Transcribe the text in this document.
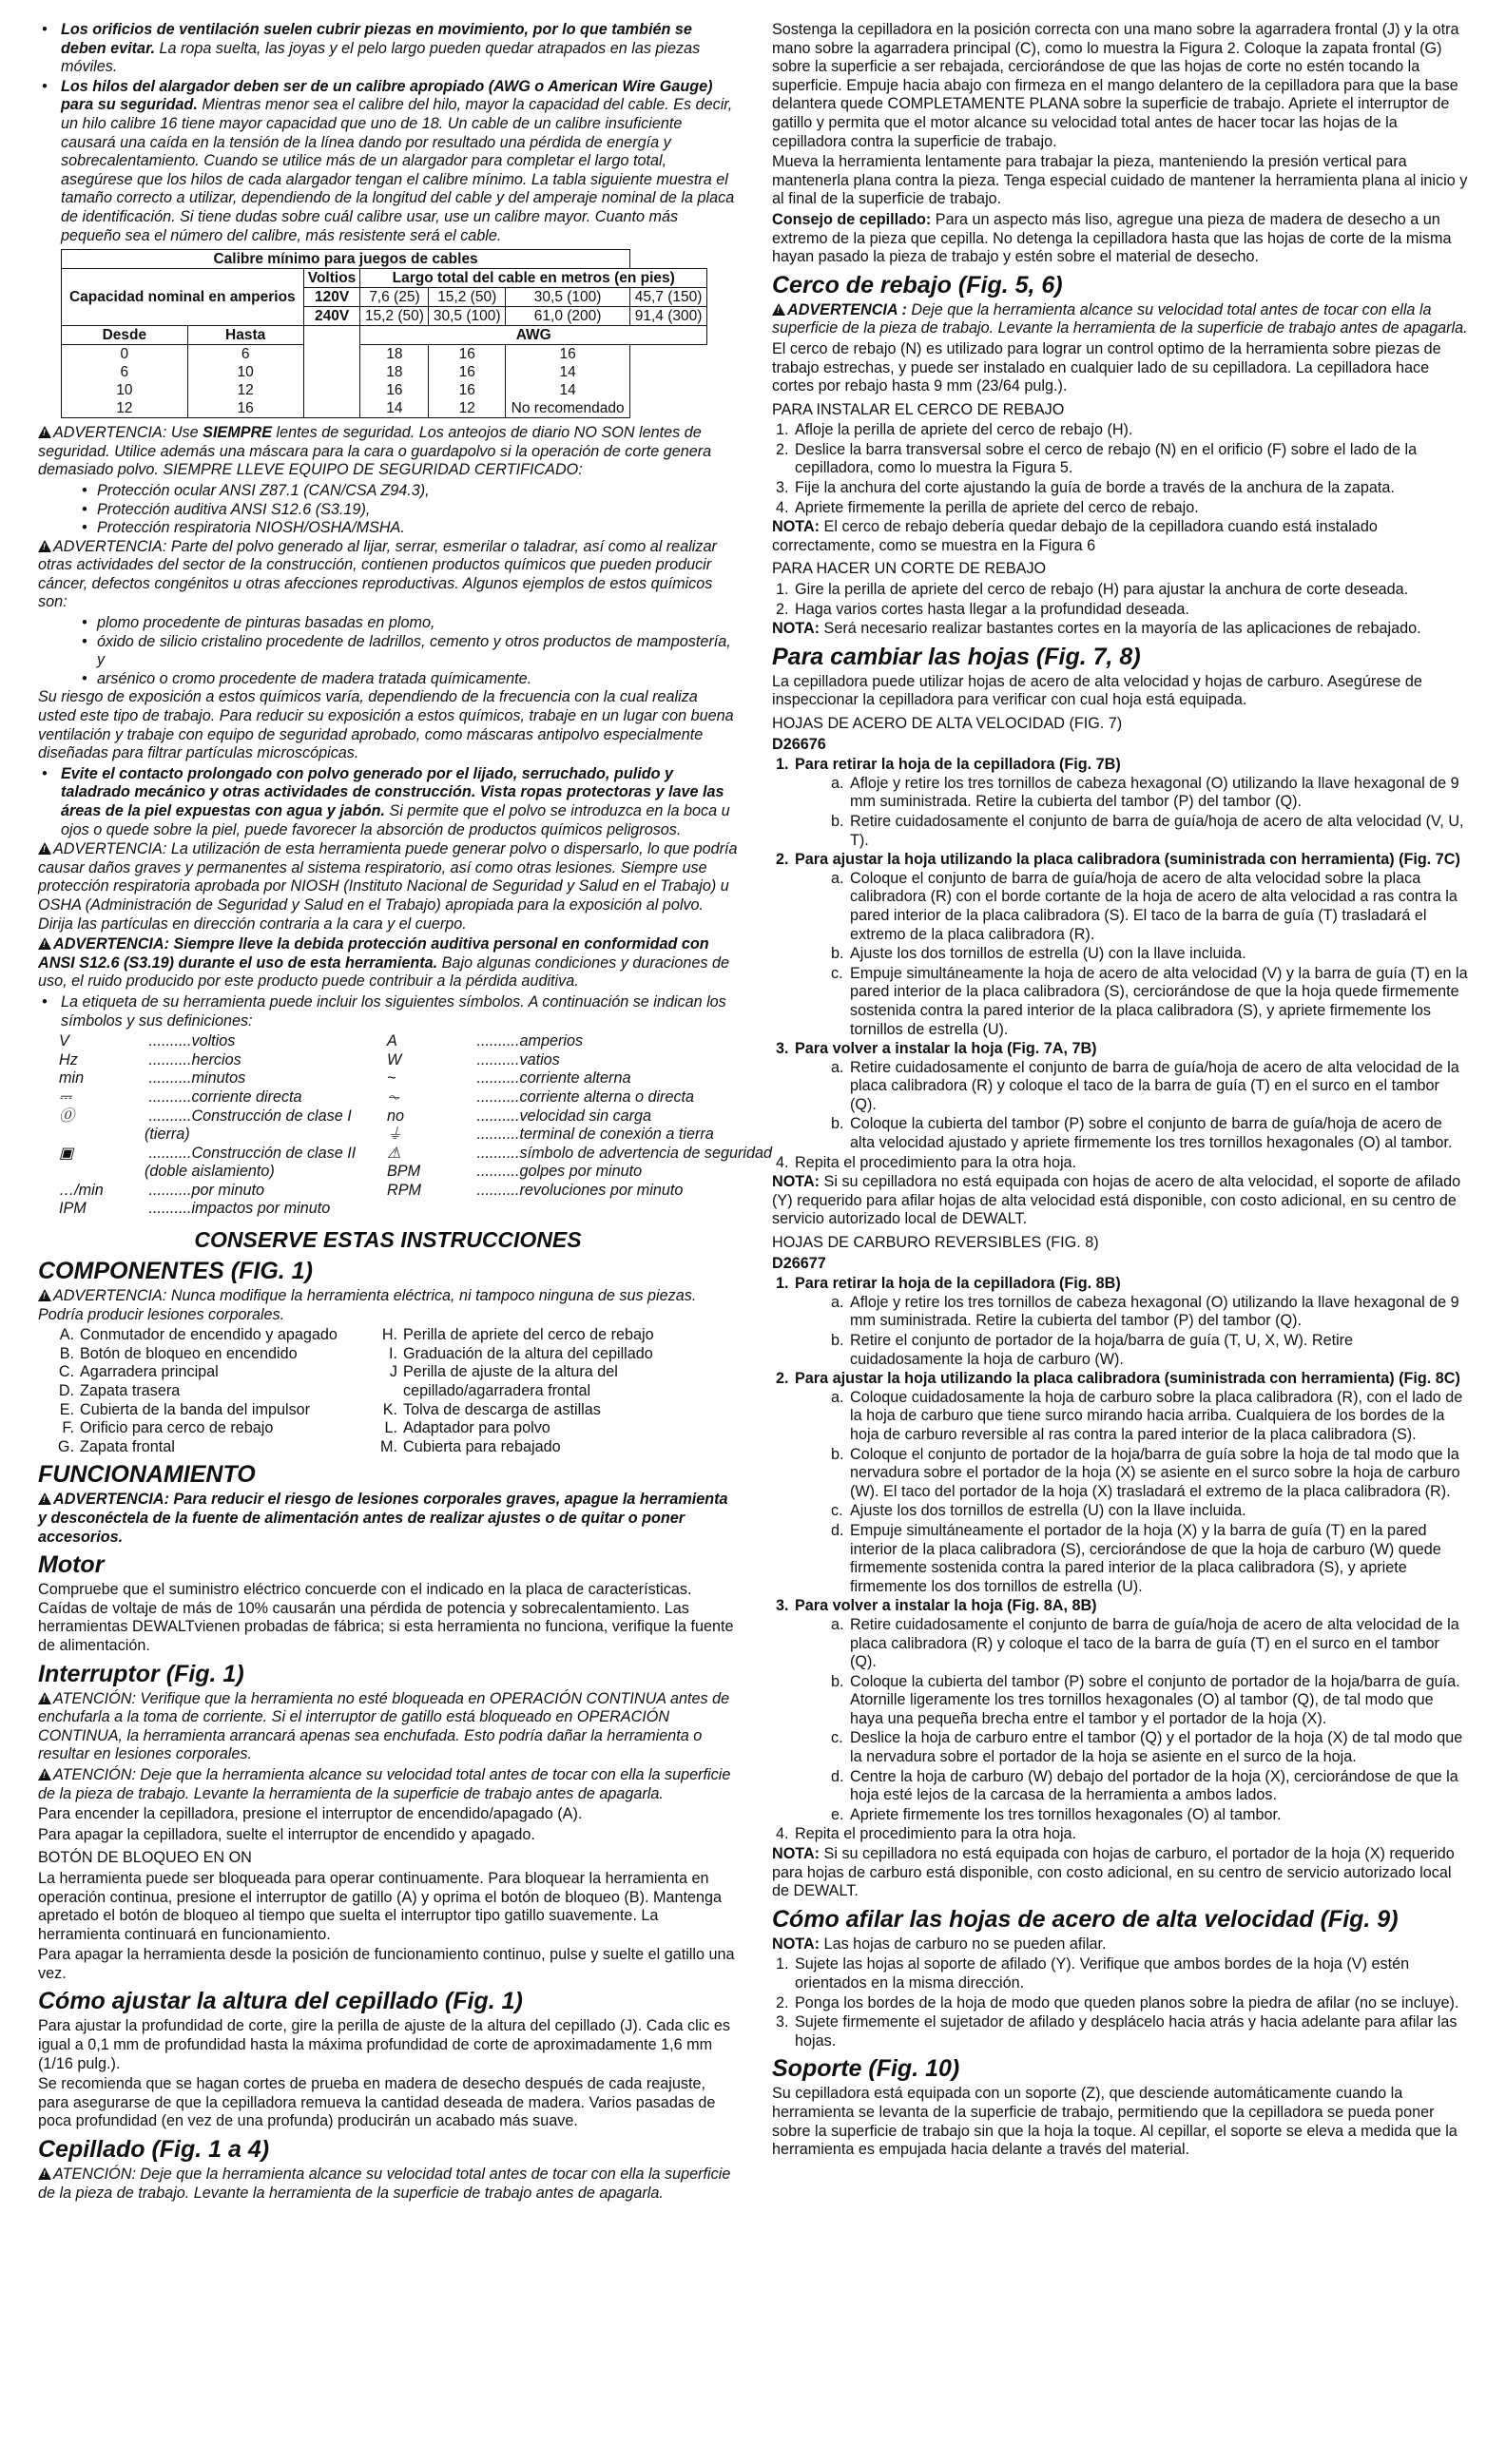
• Los orificios de ventilación suelen cubrir piezas en movimiento, por lo que también se deben evitar. La ropa suelta, las joyas y el pelo largo pueden quedar atrapados en las piezas móviles.
• Los hilos del alargador deben ser de un calibre apropiado (AWG o American Wire Gauge) para su seguridad. Mientras menor sea el calibre del hilo, mayor la capacidad del cable. Es decir, un hilo calibre 16 tiene mayor capacidad que uno de 18. Un cable de un calibre insuficiente causará una caída en la tensión de la línea dando por resultado una pérdida de energía y sobrecalentamiento. Cuando se utilice más de un alargador para completar el largo total, asegúrese que los hilos de cada alargador tengan el calibre mínimo. La tabla siguiente muestra el tamaño correcto a utilizar, dependiendo de la longitud del cable y del amperaje nominal de la placa de identificación. Si tiene dudas sobre cuál calibre usar, use un calibre mayor. Cuanto más pequeño sea el número del calibre, más resistente será el cable.
Calibre mínimo para juegos de cables						
Capacidad nominal en amperios		Voltios	Largo total del cable en metros (en pies)			
		120V	7,6 (25)	15,2 (50)	30,5 (100)	45,7 (150)
		240V	15,2 (50)	30,5 (100)	61,0 (200)	91,4 (300)
Desde	Hasta		AWG			
0	6		18	16	16	
6	10		18	16	14	
10	12		16	16	14	
12	16		14	12	No recomendado	

!ADVERTENCIA: Use SIEMPRE lentes de seguridad. Los anteojos de diario NO SON lentes de seguridad. Utilice además una máscara para la cara o guardapolvo si la operación de corte genera demasiado polvo. SIEMPRE LLEVE EQUIPO DE SEGURIDAD CERTIFICADO:

• Protección ocular ANSI Z87.1 (CAN/CSA Z94.3),
• Protección auditiva ANSI S12.6 (S3.19),
• Protección respiratoria NIOSH/OSHA/MSHA.

!ADVERTENCIA: Parte del polvo generado al lijar, serrar, esmerilar o taladrar, así como al realizar otras actividades del sector de la construcción, contienen productos químicos que pueden producir cáncer, defectos congénitos u otras afecciones reproductivas. Algunos ejemplos de estos químicos son:

• plomo procedente de pinturas basadas en plomo,
• óxido de silicio cristalino procedente de ladrillos, cemento y otros productos de mampostería, y
• arsénico o cromo procedente de madera tratada químicamente.

Su riesgo de exposición a estos químicos varía, dependiendo de la frecuencia con la cual realiza usted este tipo de trabajo. Para reducir su exposición a estos químicos, trabaje en un lugar con buena ventilación y trabaje con equipo de seguridad aprobado, como máscaras antipolvo especialmente diseñadas para filtrar partículas microscópicas.

• Evite el contacto prolongado con polvo generado por el lijado, serruchado, pulido y taladrado mecánico y otras actividades de construcción. Vista ropas protectoras y lave las áreas de la piel expuestas con agua y jabón. Si permite que el polvo se introduzca en la boca u ojos o quede sobre la piel, puede favorecer la absorción de productos químicos peligrosos.

!ADVERTENCIA: La utilización de esta herramienta puede generar polvo o dispersarlo, lo que podría causar daños graves y permanentes al sistema respiratorio, así como otras lesiones. Siempre use protección respiratoria aprobada por NIOSH (Instituto Nacional de Seguridad y Salud en el Trabajo) u OSHA (Administración de Seguridad y Salud en el Trabajo) apropiada para la exposición al polvo. Dirija las partículas en dirección contraria a la cara y el cuerpo.

!ADVERTENCIA: Siempre lleve la debida protección auditiva personal en conformidad con ANSI S12.6 (S3.19) durante el uso de esta herramienta. Bajo algunas condiciones y duraciones de uso, el ruido producido por este producto puede contribuir a la pérdida auditiva.

• La etiqueta de su herramienta puede incluir los siguientes símbolos. A continuación se indican los símbolos y sus definiciones:
V	..........voltios	A	..........amperios
Hz	..........hercios	W	..........vatios
min	..........minutos	~	..........corriente alterna
⎓	..........corriente directa	⏦	..........corriente alterna o directa
⓪	..........Construcción de clase I	no	..........velocidad sin carga
(tierra)	⏚	..........terminal de conexión a tierra
▣	..........Construcción de clase II	⚠	..........símbolo de advertencia de seguridad
(doble aislamiento)	BPM	..........golpes por minuto
…/min	..........por minuto	RPM	..........revoluciones por minuto
IPM	..........impactos por minuto
CONSERVE ESTAS INSTRUCCIONES
COMPONENTES (FIG. 1)

!ADVERTENCIA: Nunca modifique la herramienta eléctrica, ni tampoco ninguna de sus piezas. Podría producir lesiones corporales.

A. Conmutador de encendido y apagado	H. Perilla de apriete del cerco de rebajo
B. Botón de bloqueo en encendido	I. Graduación de la altura del cepillado
C. Agarradera principal	J Perilla de ajuste de la altura del
D. Zapata trasera	cepillado/agarradera frontal
E. Cubierta de la banda del impulsor	K. Tolva de descarga de astillas
F. Orificio para cerco de rebajo	L. Adaptador para polvo
G. Zapata frontal	M. Cubierta para rebajado
FUNCIONAMIENTO

!ADVERTENCIA: Para reducir el riesgo de lesiones corporales graves, apague la herramienta y desconéctela de la fuente de alimentación antes de realizar ajustes o de quitar o poner accesorios.

Motor

Compruebe que el suministro eléctrico concuerde con el indicado en la placa de características. Caídas de voltaje de más de 10% causarán una pérdida de potencia y sobrecalentamiento. Las herramientas DEWALTvienen probadas de fábrica; si esta herramienta no funciona, verifique la fuente de alimentación.

Interruptor (Fig. 1)

!ATENCIÓN: Verifique que la herramienta no esté bloqueada en OPERACIÓN CONTINUA antes de enchufarla a la toma de corriente. Si el interruptor de gatillo está bloqueado en OPERACIÓN CONTINUA, la herramienta arrancará apenas sea enchufada. Esto podría dañar la herramienta o resultar en lesiones corporales.

!ATENCIÓN: Deje que la herramienta alcance su velocidad total antes de tocar con ella la superficie de la pieza de trabajo. Levante la herramienta de la superficie de trabajo antes de apagarla.

Para encender la cepilladora, presione el interruptor de encendido/apagado (A).

Para apagar la cepilladora, suelte el interruptor de encendido y apagado.

BOTÓN DE BLOQUEO EN ON

La herramienta puede ser bloqueada para operar continuamente. Para bloquear la herramienta en operación continua, presione el interruptor de gatillo (A) y oprima el botón de bloqueo (B). Mantenga apretado el botón de bloqueo al tiempo que suelta el interruptor tipo gatillo suavemente. La herramienta continuará en funcionamiento.

Para apagar la herramienta desde la posición de funcionamiento continuo, pulse y suelte el gatillo una vez.

Cómo ajustar la altura del cepillado (Fig. 1)

Para ajustar la profundidad de corte, gire la perilla de ajuste de la altura del cepillado (J). Cada clic es igual a 0,1 mm de profundidad hasta la máxima profundidad de corte de aproximadamente 1,6 mm (1/16 pulg.).

Se recomienda que se hagan cortes de prueba en madera de desecho después de cada reajuste, para asegurarse de que la cepilladora remueva la cantidad deseada de madera. Varios pasadas de poca profundidad (en vez de una profunda) producirán un acabado más suave.

Cepillado (Fig. 1 a 4)

!ATENCIÓN: Deje que la herramienta alcance su velocidad total antes de tocar con ella la superficie de la pieza de trabajo. Levante la herramienta de la superficie de trabajo antes de apagarla.

Sostenga la cepilladora en la posición correcta con una mano sobre la agarradera frontal (J) y la otra mano sobre la agarradera principal (C), como lo muestra la Figura 2. Coloque la zapata frontal (G) sobre la superficie a ser rebajada, cerciorándose de que las hojas de corte no estén tocando la superficie. Empuje hacia abajo con firmeza en el mango delantero de la cepilladora para que la base delantera quede COMPLETAMENTE PLANA sobre la superficie de trabajo. Apriete el interruptor de gatillo y permita que el motor alcance su velocidad total antes de hacer tocar las hojas de la cepilladora contra la superficie de trabajo.

Mueva la herramienta lentamente para trabajar la pieza, manteniendo la presión vertical para mantenerla plana contra la pieza. Tenga especial cuidado de mantener la herramienta plana al inicio y al final de la superficie de trabajo.

Consejo de cepillado: Para un aspecto más liso, agregue una pieza de madera de desecho a un extremo de la pieza que cepilla. No detenga la cepilladora hasta que las hojas de corte de la misma hayan pasado la pieza de trabajo y estén sobre el material de desecho.

Cerco de rebajo (Fig. 5, 6)

!ADVERTENCIA : Deje que la herramienta alcance su velocidad total antes de tocar con ella la superficie de la pieza de trabajo. Levante la herramienta de la superficie de trabajo antes de apagarla.

El cerco de rebajo (N) es utilizado para lograr un control optimo de la herramienta sobre piezas de trabajo estrechas, y puede ser instalado en cualquier lado de su cepilladora. La cepilladora hace cortes por rebajo hasta 9 mm (23/64 pulg.).

PARA INSTALAR EL CERCO DE REBAJO
1. Afloje la perilla de apriete del cerco de rebajo (H).
2. Deslice la barra transversal sobre el cerco de rebajo (N) en el orificio (F) sobre el lado de la cepilladora, como lo muestra la Figura 5.
3. Fije la anchura del corte ajustando la guía de borde a través de la anchura de la zapata.
4. Apriete firmemente la perilla de apriete del cerco de rebajo.

NOTA: El cerco de rebajo debería quedar debajo de la cepilladora cuando está instalado correctamente, como se muestra en la Figura 6

PARA HACER UN CORTE DE REBAJO
1. Gire la perilla de apriete del cerco de rebajo (H) para ajustar la anchura de corte deseada.
2. Haga varios cortes hasta llegar a la profundidad deseada.

NOTA: Será necesario realizar bastantes cortes en la mayoría de las aplicaciones de rebajado.

Para cambiar las hojas (Fig. 7, 8)

La cepilladora puede utilizar hojas de acero de alta velocidad y hojas de carburo. Asegúrese de inspeccionar la cepilladora para verificar con cual hoja está equipada.

HOJAS DE ACERO DE ALTA VELOCIDAD (FIG. 7)

D26676

1. Para retirar la hoja de la cepilladora (Fig. 7B)
a. Afloje y retire los tres tornillos de cabeza hexagonal (O) utilizando la llave hexagonal de 9 mm suministrada. Retire la cubierta del tambor (P) del tambor (Q).
b. Retire cuidadosamente el conjunto de barra de guía/hoja de acero de alta velocidad (V, U, T).
2. Para ajustar la hoja utilizando la placa calibradora (suministrada con herramienta) (Fig. 7C)
a. Coloque el conjunto de barra de guía/hoja de acero de alta velocidad sobre la placa calibradora (R) con el borde cortante de la hoja de acero de alta velocidad a ras contra la pared interior de la placa calibradora (S). El taco de la barra de guía (T) trasladará el extremo de la placa calibradora (R).
b. Ajuste los dos tornillos de estrella (U) con la llave incluida.
c. Empuje simultáneamente la hoja de acero de alta velocidad (V) y la barra de guía (T) en la pared interior de la placa calibradora (S), cerciorándose de que la hoja quede firmemente sostenida contra la pared interior de la placa calibradora (S), y apriete firmemente los tornillos de estrella (U).
3. Para volver a instalar la hoja (Fig. 7A, 7B)
a. Retire cuidadosamente el conjunto de barra de guía/hoja de acero de alta velocidad de la placa calibradora (R) y coloque el taco de la barra de guía (T) en el surco en el tambor (Q).
b. Coloque la cubierta del tambor (P) sobre el conjunto de barra de guía/hoja de acero de alta velocidad ajustado y apriete firmemente los tres tornillos hexagonales (O) al tambor.
4. Repita el procedimiento para la otra hoja.

NOTA: Si su cepilladora no está equipada con hojas de acero de alta velocidad, el soporte de afilado (Y) requerido para afilar hojas de alta velocidad está disponible, con costo adicional, en su centro de servicio autorizado local de DEWALT.

HOJAS DE CARBURO REVERSIBLES (FIG. 8)

D26677

1. Para retirar la hoja de la cepilladora (Fig. 8B)
a. Afloje y retire los tres tornillos de cabeza hexagonal (O) utilizando la llave hexagonal de 9 mm suministrada. Retire la cubierta del tambor (P) del tambor (Q).
b. Retire el conjunto de portador de la hoja/barra de guía (T, U, X, W). Retire cuidadosamente la hoja de carburo (W).
2. Para ajustar la hoja utilizando la placa calibradora (suministrada con herramienta) (Fig. 8C)
a. Coloque cuidadosamente la hoja de carburo sobre la placa calibradora (R), con el lado de la hoja de carburo que tiene surco mirando hacia arriba. Cualquiera de los bordes de la hoja de carburo reversible al ras contra la pared interior de la placa calibradora (S).
b. Coloque el conjunto de portador de la hoja/barra de guía sobre la hoja de tal modo que la nervadura sobre el portador de la hoja (X) se asiente en el surco sobre la hoja de carburo (W). El taco del portador de la hoja (X) trasladará el extremo de la placa calibradora (R).
c. Ajuste los dos tornillos de estrella (U) con la llave incluida.
d. Empuje simultáneamente el portador de la hoja (X) y la barra de guía (T) en la pared interior de la placa calibradora (S), cerciorándose de que la hoja de carburo (W) quede firmemente sostenida contra la pared interior de la placa calibradora (S), y apriete firmemente los dos tornillos de estrella (U).
3. Para volver a instalar la hoja (Fig. 8A, 8B)
a. Retire cuidadosamente el conjunto de barra de guía/hoja de acero de alta velocidad de la placa calibradora (R) y coloque el taco de la barra de guía (T) en el surco en el tambor (Q).
b. Coloque la cubierta del tambor (P) sobre el conjunto de portador de la hoja/barra de guía. Atornille ligeramente los tres tornillos hexagonales (O) al tambor (Q), de tal modo que haya una pequeña brecha entre el tambor y el portador de la hoja (X).
c. Deslice la hoja de carburo entre el tambor (Q) y el portador de la hoja (X) de tal modo que la nervadura sobre el portador de la hoja se asiente en el surco de la hoja.
d. Centre la hoja de carburo (W) debajo del portador de la hoja (X), cerciorándose de que la hoja esté lejos de la carcasa de la herramienta a ambos lados.
e. Apriete firmemente los tres tornillos hexagonales (O) al tambor.
4. Repita el procedimiento para la otra hoja.

NOTA: Si su cepilladora no está equipada con hojas de carburo, el portador de la hoja (X) requerido para hojas de carburo está disponible, con costo adicional, en su centro de servicio autorizado local de DEWALT.

Cómo afilar las hojas de acero de alta velocidad (Fig. 9)

NOTA: Las hojas de carburo no se pueden afilar.

1. Sujete las hojas al soporte de afilado (Y). Verifique que ambos bordes de la hoja (V) estén orientados en la misma dirección.
2. Ponga los bordes de la hoja de modo que queden planos sobre la piedra de afilar (no se incluye).
3. Sujete firmemente el sujetador de afilado y desplácelo hacia atrás y hacia adelante para afilar las hojas.
Soporte (Fig. 10)

Su cepilladora está equipada con un soporte (Z), que desciende automáticamente cuando la herramienta se levanta de la superficie de trabajo, permitiendo que la cepilladora se pueda poner sobre la superficie de trabajo sin que la hoja la toque. Al cepillar, el soporte se eleva a medida que la herramienta es empujada hacia delante a través del material.
